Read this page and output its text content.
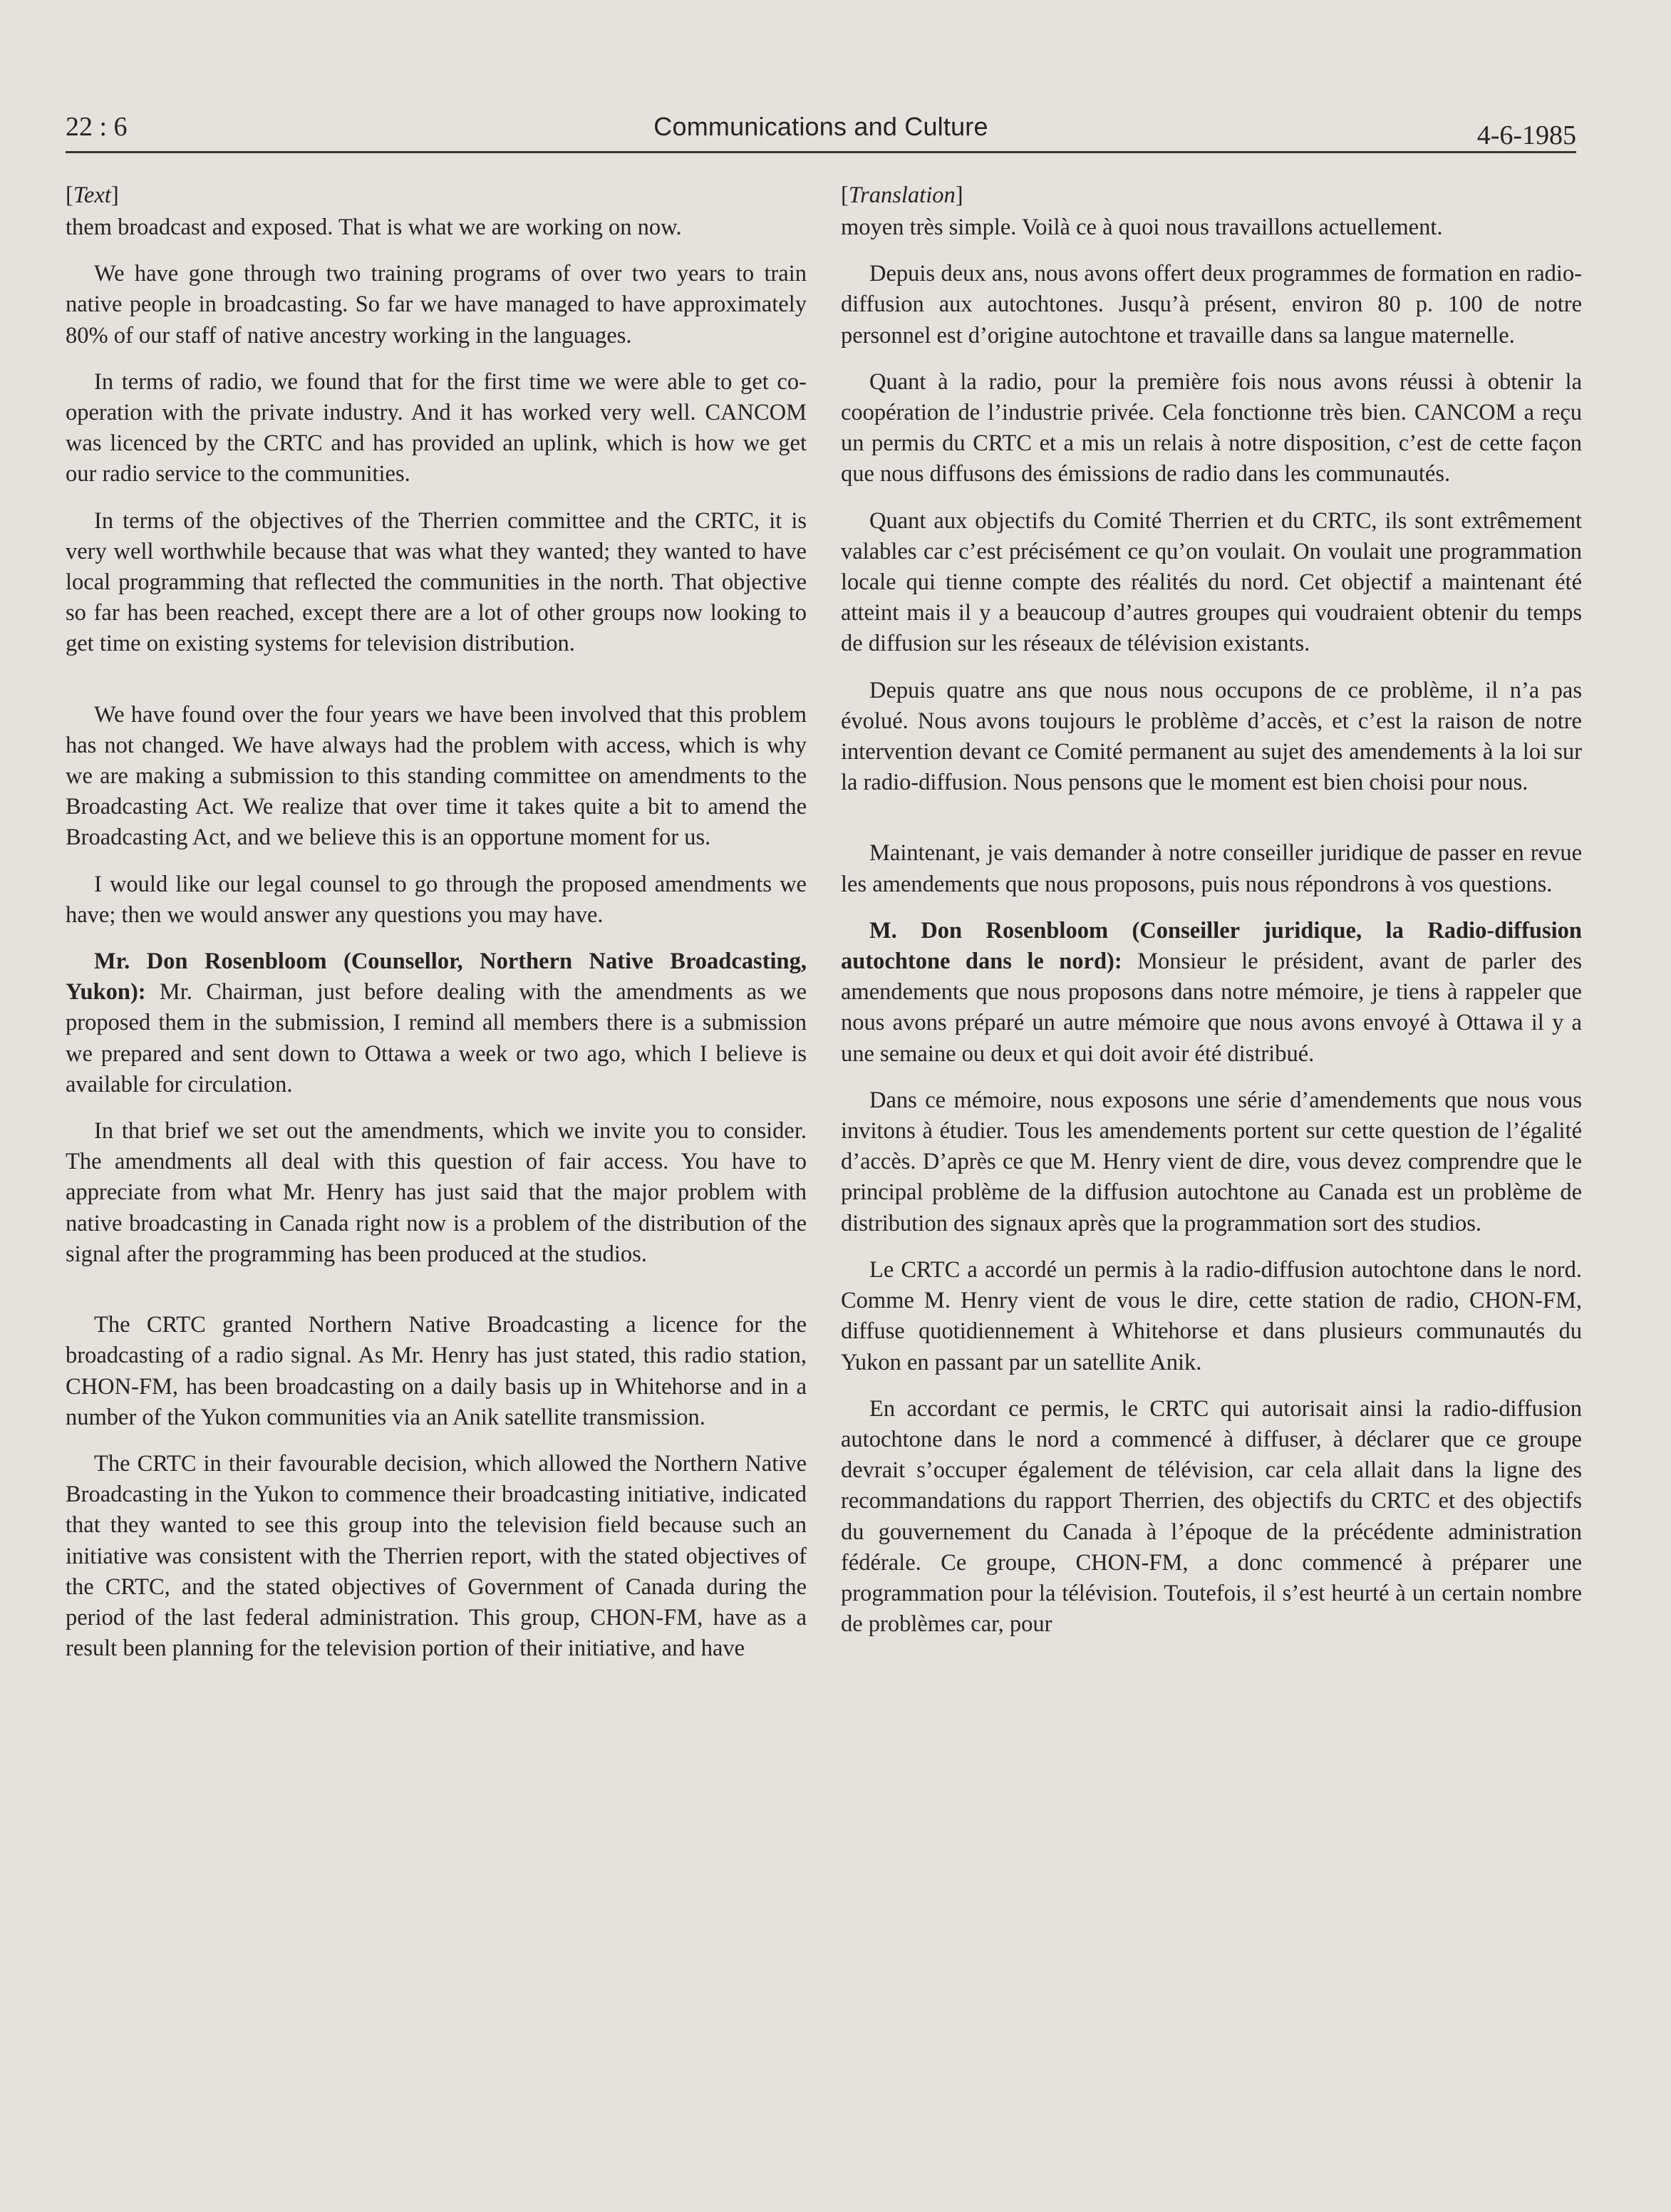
22 : 6	Communications and Culture	4-6-1985
[Text]

them broadcast and exposed. That is what we are working on now.

We have gone through two training programs of over two years to train native people in broadcasting. So far we have managed to have approximately 80% of our staff of native ancestry working in the languages.

In terms of radio, we found that for the first time we were able to get co-operation with the private industry. And it has worked very well. CANCOM was licenced by the CRTC and has provided an uplink, which is how we get our radio service to the communities.

In terms of the objectives of the Therrien committee and the CRTC, it is very well worthwhile because that was what they wanted; they wanted to have local programming that reflected the communities in the north. That objective so far has been reached, except there are a lot of other groups now looking to get time on existing systems for television distribution.

We have found over the four years we have been involved that this problem has not changed. We have always had the problem with access, which is why we are making a submission to this standing committee on amendments to the Broadcasting Act. We realize that over time it takes quite a bit to amend the Broadcasting Act, and we believe this is an opportune moment for us.

I would like our legal counsel to go through the proposed amendments we have; then we would answer any questions you may have.

Mr. Don Rosenbloom (Counsellor, Northern Native Broadcasting, Yukon): Mr. Chairman, just before dealing with the amendments as we proposed them in the submission, I remind all members there is a submission we prepared and sent down to Ottawa a week or two ago, which I believe is available for circulation.

In that brief we set out the amendments, which we invite you to consider. The amendments all deal with this question of fair access. You have to appreciate from what Mr. Henry has just said that the major problem with native broadcasting in Canada right now is a problem of the distribution of the signal after the programming has been produced at the studios.

The CRTC granted Northern Native Broadcasting a licence for the broadcasting of a radio signal. As Mr. Henry has just stated, this radio station, CHON-FM, has been broadcasting on a daily basis up in Whitehorse and in a number of the Yukon communities via an Anik satellite transmission.

The CRTC in their favourable decision, which allowed the Northern Native Broadcasting in the Yukon to commence their broadcasting initiative, indicated that they wanted to see this group into the television field because such an initiative was consistent with the Therrien report, with the stated objectives of the CRTC, and the stated objectives of Government of Canada during the period of the last federal administration. This group, CHON-FM, have as a result been planning for the television portion of their initiative, and have

[Translation]

moyen très simple. Voilà ce à quoi nous travaillons actuellement.

Depuis deux ans, nous avons offert deux programmes de formation en radio-diffusion aux autochtones. Jusqu’à présent, environ 80 p. 100 de notre personnel est d’origine autochtone et travaille dans sa langue maternelle.

Quant à la radio, pour la première fois nous avons réussi à obtenir la coopération de l’industrie privée. Cela fonctionne très bien. CANCOM a reçu un permis du CRTC et a mis un relais à notre disposition, c’est de cette façon que nous diffusons des émissions de radio dans les communautés.

Quant aux objectifs du Comité Therrien et du CRTC, ils sont extrêmement valables car c’est précisément ce qu’on voulait. On voulait une programmation locale qui tienne compte des réalités du nord. Cet objectif a maintenant été atteint mais il y a beaucoup d’autres groupes qui voudraient obtenir du temps de diffusion sur les réseaux de télévision existants.

Depuis quatre ans que nous nous occupons de ce problème, il n’a pas évolué. Nous avons toujours le problème d’accès, et c’est la raison de notre intervention devant ce Comité permanent au sujet des amendements à la loi sur la radio-diffusion. Nous pensons que le moment est bien choisi pour nous.

Maintenant, je vais demander à notre conseiller juridique de passer en revue les amendements que nous proposons, puis nous répondrons à vos questions.

M. Don Rosenbloom (Conseiller juridique, la Radio-diffusion autochtone dans le nord): Monsieur le président, avant de parler des amendements que nous proposons dans notre mémoire, je tiens à rappeler que nous avons préparé un autre mémoire que nous avons envoyé à Ottawa il y a une semaine ou deux et qui doit avoir été distribué.

Dans ce mémoire, nous exposons une série d’amendements que nous vous invitons à étudier. Tous les amendements portent sur cette question de l’égalité d’accès. D’après ce que M. Henry vient de dire, vous devez comprendre que le principal problème de la diffusion autochtone au Canada est un problème de distribution des signaux après que la programmation sort des studios.

Le CRTC a accordé un permis à la radio-diffusion autochtone dans le nord. Comme M. Henry vient de vous le dire, cette station de radio, CHON-FM, diffuse quotidiennement à Whitehorse et dans plusieurs communautés du Yukon en passant par un satellite Anik.

En accordant ce permis, le CRTC qui autorisait ainsi la radio-diffusion autochtone dans le nord a commencé à diffuser, à déclarer que ce groupe devrait s’occuper également de télévision, car cela allait dans la ligne des recommandations du rapport Therrien, des objectifs du CRTC et des objectifs du gouvernement du Canada à l’époque de la précédente administration fédérale. Ce groupe, CHON-FM, a donc commencé à préparer une programmation pour la télévision. Toutefois, il s’est heurté à un certain nombre de problèmes car, pour
